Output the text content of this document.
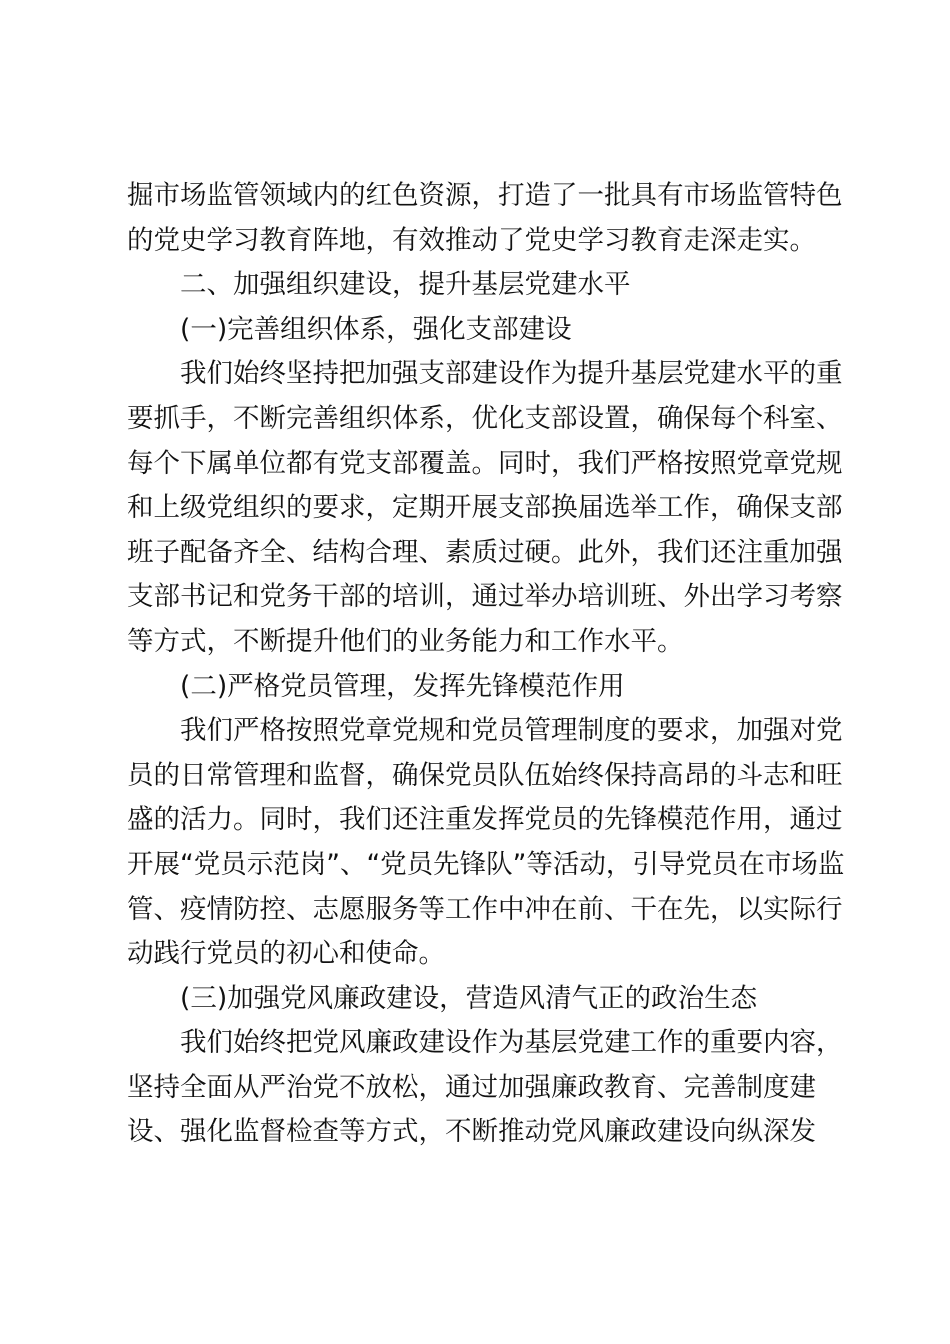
掘市场监管领域内的红色资源，打造了一批具有市场监管特色
的党史学习教育阵地，有效推动了党史学习教育走深走实。
二、加强组织建设，提升基层党建水平
(一)完善组织体系，强化支部建设
我们始终坚持把加强支部建设作为提升基层党建水平的重
要抓手，不断完善组织体系，优化支部设置，确保每个科室、
每个下属单位都有党支部覆盖。同时，我们严格按照党章党规
和上级党组织的要求，定期开展支部换届选举工作，确保支部
班子配备齐全、结构合理、素质过硬。此外，我们还注重加强
支部书记和党务干部的培训，通过举办培训班、外出学习考察
等方式，不断提升他们的业务能力和工作水平。
(二)严格党员管理，发挥先锋模范作用
我们严格按照党章党规和党员管理制度的要求，加强对党
员的日常管理和监督，确保党员队伍始终保持高昂的斗志和旺
盛的活力。同时，我们还注重发挥党员的先锋模范作用，通过
开展“党员示范岗”、“党员先锋队”等活动，引导党员在市场监
管、疫情防控、志愿服务等工作中冲在前、干在先，以实际行
动践行党员的初心和使命。
(三)加强党风廉政建设，营造风清气正的政治生态
我们始终把党风廉政建设作为基层党建工作的重要内容，
坚持全面从严治党不放松，通过加强廉政教育、完善制度建
设、强化监督检查等方式，不断推动党风廉政建设向纵深发
